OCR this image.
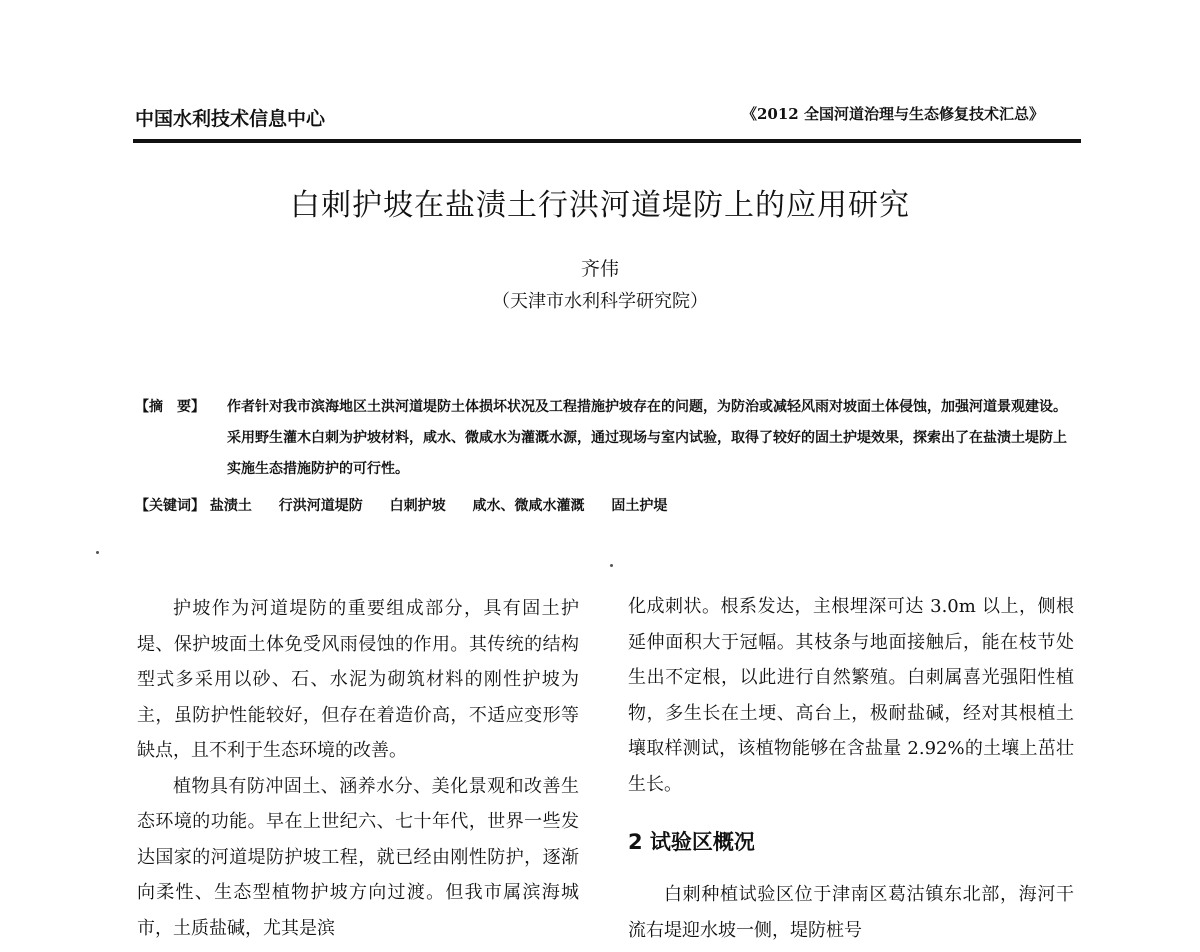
中国水利技术信息中心	《2012 全国河道治理与生态修复技术汇总》
白刺护坡在盐渍土行洪河道堤防上的应用研究
齐伟
（天津市水利科学研究院）
【摘　要】 作者针对我市滨海地区土洪河道堤防土体损坏状况及工程措施护坡存在的问题，为防治或减轻风雨对坡面土体侵蚀，加强河道景观建设。采用野生灌木白刺为护坡材料，咸水、微咸水为灌溉水源，通过现场与室内试验，取得了较好的固土护堤效果，探索出了在盐渍土堤防上实施生态措施防护的可行性。
【关键词】 盐渍土 行洪河道堤防 白刺护坡 咸水、微咸水灌溉 固土护堤

护坡作为河道堤防的重要组成部分，具有固土护堤、保护坡面土体免受风雨侵蚀的作用。其传统的结构型式多采用以砂、石、水泥为砌筑材料的刚性护坡为主，虽防护性能较好，但存在着造价高，不适应变形等缺点，且不利于生态环境的改善。

植物具有防冲固土、涵养水分、美化景观和改善生态环境的功能。早在上世纪六、七十年代，世界一些发达国家的河道堤防护坡工程，就已经由刚性防护，逐渐向柔性、生态型植物护坡方向过渡。但我市属滨海城市，土质盐碱，尤其是滨

化成刺状。根系发达，主根埋深可达 3.0m 以上，侧根延伸面积大于冠幅。其枝条与地面接触后，能在枝节处生出不定根，以此进行自然繁殖。白刺属喜光强阳性植物，多生长在土埂、高台上，极耐盐碱，经对其根植土壤取样测试，该植物能够在含盐量 2.92%的土壤上茁壮生长。

2 试验区概况

白刺种植试验区位于津南区葛沽镇东北部，海河干流右堤迎水坡一侧，堤防桩号
